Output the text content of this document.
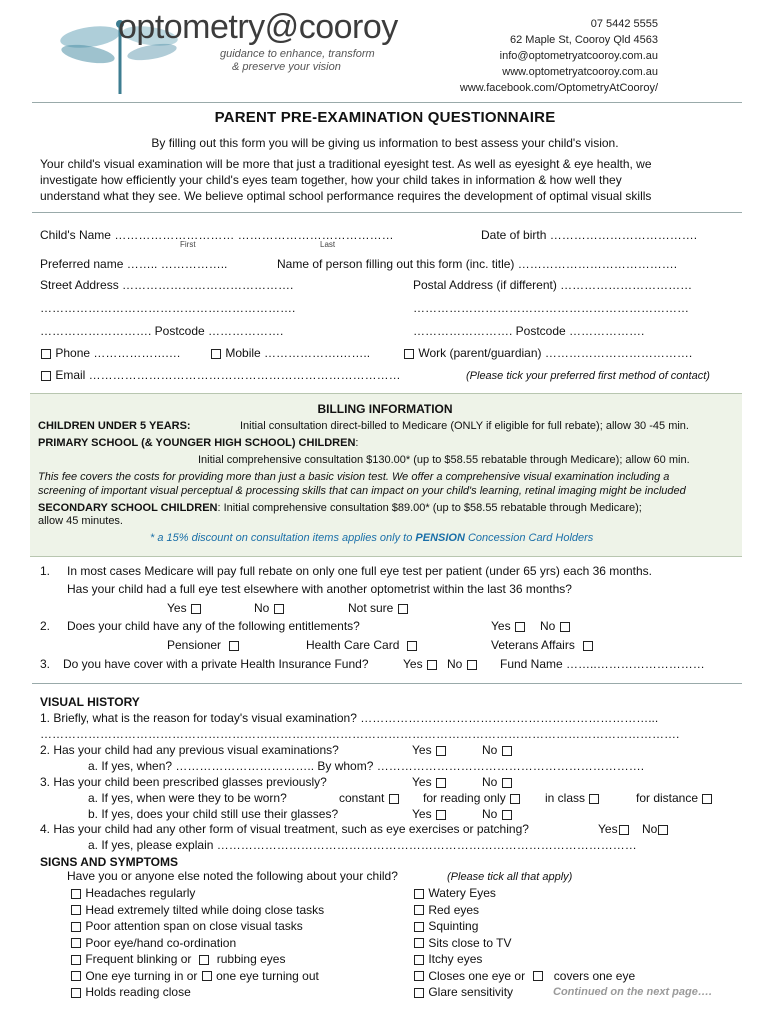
optometry@cooroy
guidance to enhance, transform
& preserve your vision
07 5442 5555
62 Maple St, Cooroy Qld 4563
info@optometryatcooroy.com.au
www.optometryatcooroy.com.au
www.facebook.com/OptometryAtCooroy/
PARENT PRE-EXAMINATION QUESTIONNAIRE
By filling out this form you will be giving us information to best assess your child's vision.
Your child's visual examination will be more that just a traditional eyesight test. As well as eyesight & eye health, we
investigate how efficiently your child's eyes team together, how your child takes in information & how well they
understand what they see. We believe optimal school performance requires the development of optimal visual skills
Child's Name ………………………… …………………………………
First	Last
Date of birth ……………………………….
Preferred name …….. ……………..	Name of person filling out this form (inc. title) ………………………………….
Street Address …………………………………….	Postal Address (if different) ……………………………
……………………………………………………….	……………………………………………………………
………………………. Postcode ……………….	……………………. Postcode ……………….
Phone ……………….…	Mobile ……………….……..	Work (parent/guardian) ……………………………….
Email ……………………………………………………………………	(Please tick your preferred first method of contact)
BILLING INFORMATION
CHILDREN UNDER 5 YEARS:	Initial consultation direct-billed to Medicare (ONLY if eligible for full rebate); allow 30 -45 min.
PRIMARY SCHOOL (& YOUNGER HIGH SCHOOL) CHILDREN:
Initial comprehensive consultation $130.00* (up to $58.55 rebatable through Medicare); allow 60 min.
This fee covers the costs for providing more than just a basic vision test. We offer a comprehensive visual examination including a
screening of important visual perceptual & processing skills that can impact on your child's learning, retinal imaging might be included
SECONDARY SCHOOL CHILDREN: Initial comprehensive consultation $89.00* (up to $58.55 rebatable through Medicare);
allow 45 minutes.
* a 15% discount on consultation items applies only to PENSION Concession Card Holders
1. In most cases Medicare will pay full rebate on only one full eye test per patient (under 65 yrs) each 36 months.
Has your child had a full eye test elsewhere with another optometrist within the last 36 months?
Yes	No	Not sure
2. Does your child have any of the following entitlements?	Yes	No
Pensioner	Health Care Card	Veterans Affairs
3. Do you have cover with a private Health Insurance Fund?	Yes	No	Fund Name ……..………………………
VISUAL HISTORY
1. Briefly, what is the reason for today's visual examination? ………………………………………………………………...
…………………………………………………………………………………………………………………………………………….
2. Has your child had any previous visual examinations?	Yes	No
a. If yes, when? …………………………….. By whom? ………………………………………………………….
3. Has your child been prescribed glasses previously?	Yes	No
a. If yes, when were they to be worn?	constant	for reading only	in class	for distance
b. If yes, does your child still use their glasses?	Yes	No
4. Has your child had any other form of visual treatment, such as eye exercises or patching?	Yes	No
a. If yes, please explain ……………………………………………………………………………………………
SIGNS AND SYMPTOMS
Have you or anyone else noted the following about your child?	(Please tick all that apply)
Headaches regularly
Head extremely tilted while doing close tasks
Poor attention span on close visual tasks
Poor eye/hand co-ordination
Frequent blinking or rubbing eyes
One eye turning in or one eye turning out
Holds reading close
Watery Eyes
Red eyes
Squinting
Sits close to TV
Itchy eyes
Closes one eye or covers one eye
Glare sensitivity	Continued on the next page….
